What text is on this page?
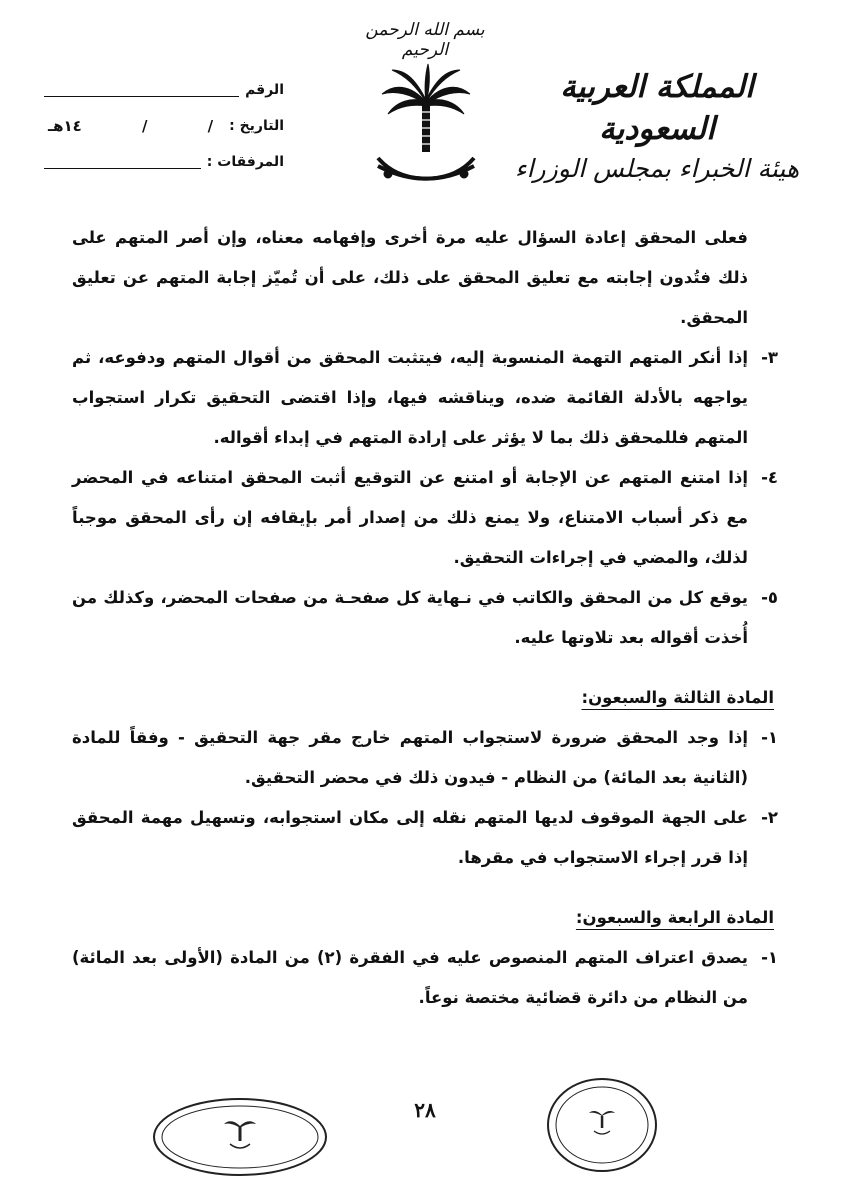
بسم الله الرحمن الرحيم
المملكة العربية السعودية
هيئة الخبراء بمجلس الوزراء
الرقم
التاريخ :
/
/
١٤هـ
المرفقات :

فعلى المحقق إعادة السؤال عليه مرة أخرى وإفهامه معناه، وإن أصر المتهم على ذلك فتُدون إجابته مع تعليق المحقق على ذلك، على أن تُميّز إجابة المتهم عن تعليق المحقق.

٣-
إذا أنكر المتهم التهمة المنسوبة إليه، فيتثبت المحقق من أقوال المتهم ودفوعه، ثم يواجهه بالأدلة القائمة ضده، ويناقشه فيها، وإذا اقتضى التحقيق تكرار استجواب المتهم فللمحقق ذلك بما لا يؤثر على إرادة المتهم في إبداء أقواله.

٤-
إذا امتنع المتهم عن الإجابة أو امتنع عن التوقيع أثبت المحقق امتناعه في المحضر مع ذكر أسباب الامتناع، ولا يمنع ذلك من إصدار أمر بإيقافه إن رأى المحقق موجباً لذلك، والمضي في إجراءات التحقيق.

٥-
يوقع كل من المحقق والكاتب في نـهاية كل صفحـة من صفحات المحضر، وكذلك من أُخذت أقواله بعد تلاوتها عليه.

المادة الثالثة والسبعون:

١-
إذا وجد المحقق ضرورة لاستجواب المتهم خارج مقر جهة التحقيق - وفقاً للمادة (الثانية بعد المائة) من النظام - فيدون ذلك في محضر التحقيق.

٢-
على الجهة الموقوف لديها المتهم نقله إلى مكان استجوابه، وتسهيل مهمة المحقق إذا قرر إجراء الاستجواب في مقرها.

المادة الرابعة والسبعون:

١-
يصدق اعتراف المتهم المنصوص عليه في الفقرة (٢) من المادة (الأولى بعد المائة) من النظام من دائرة قضائية مختصة نوعاً.

٢٨
